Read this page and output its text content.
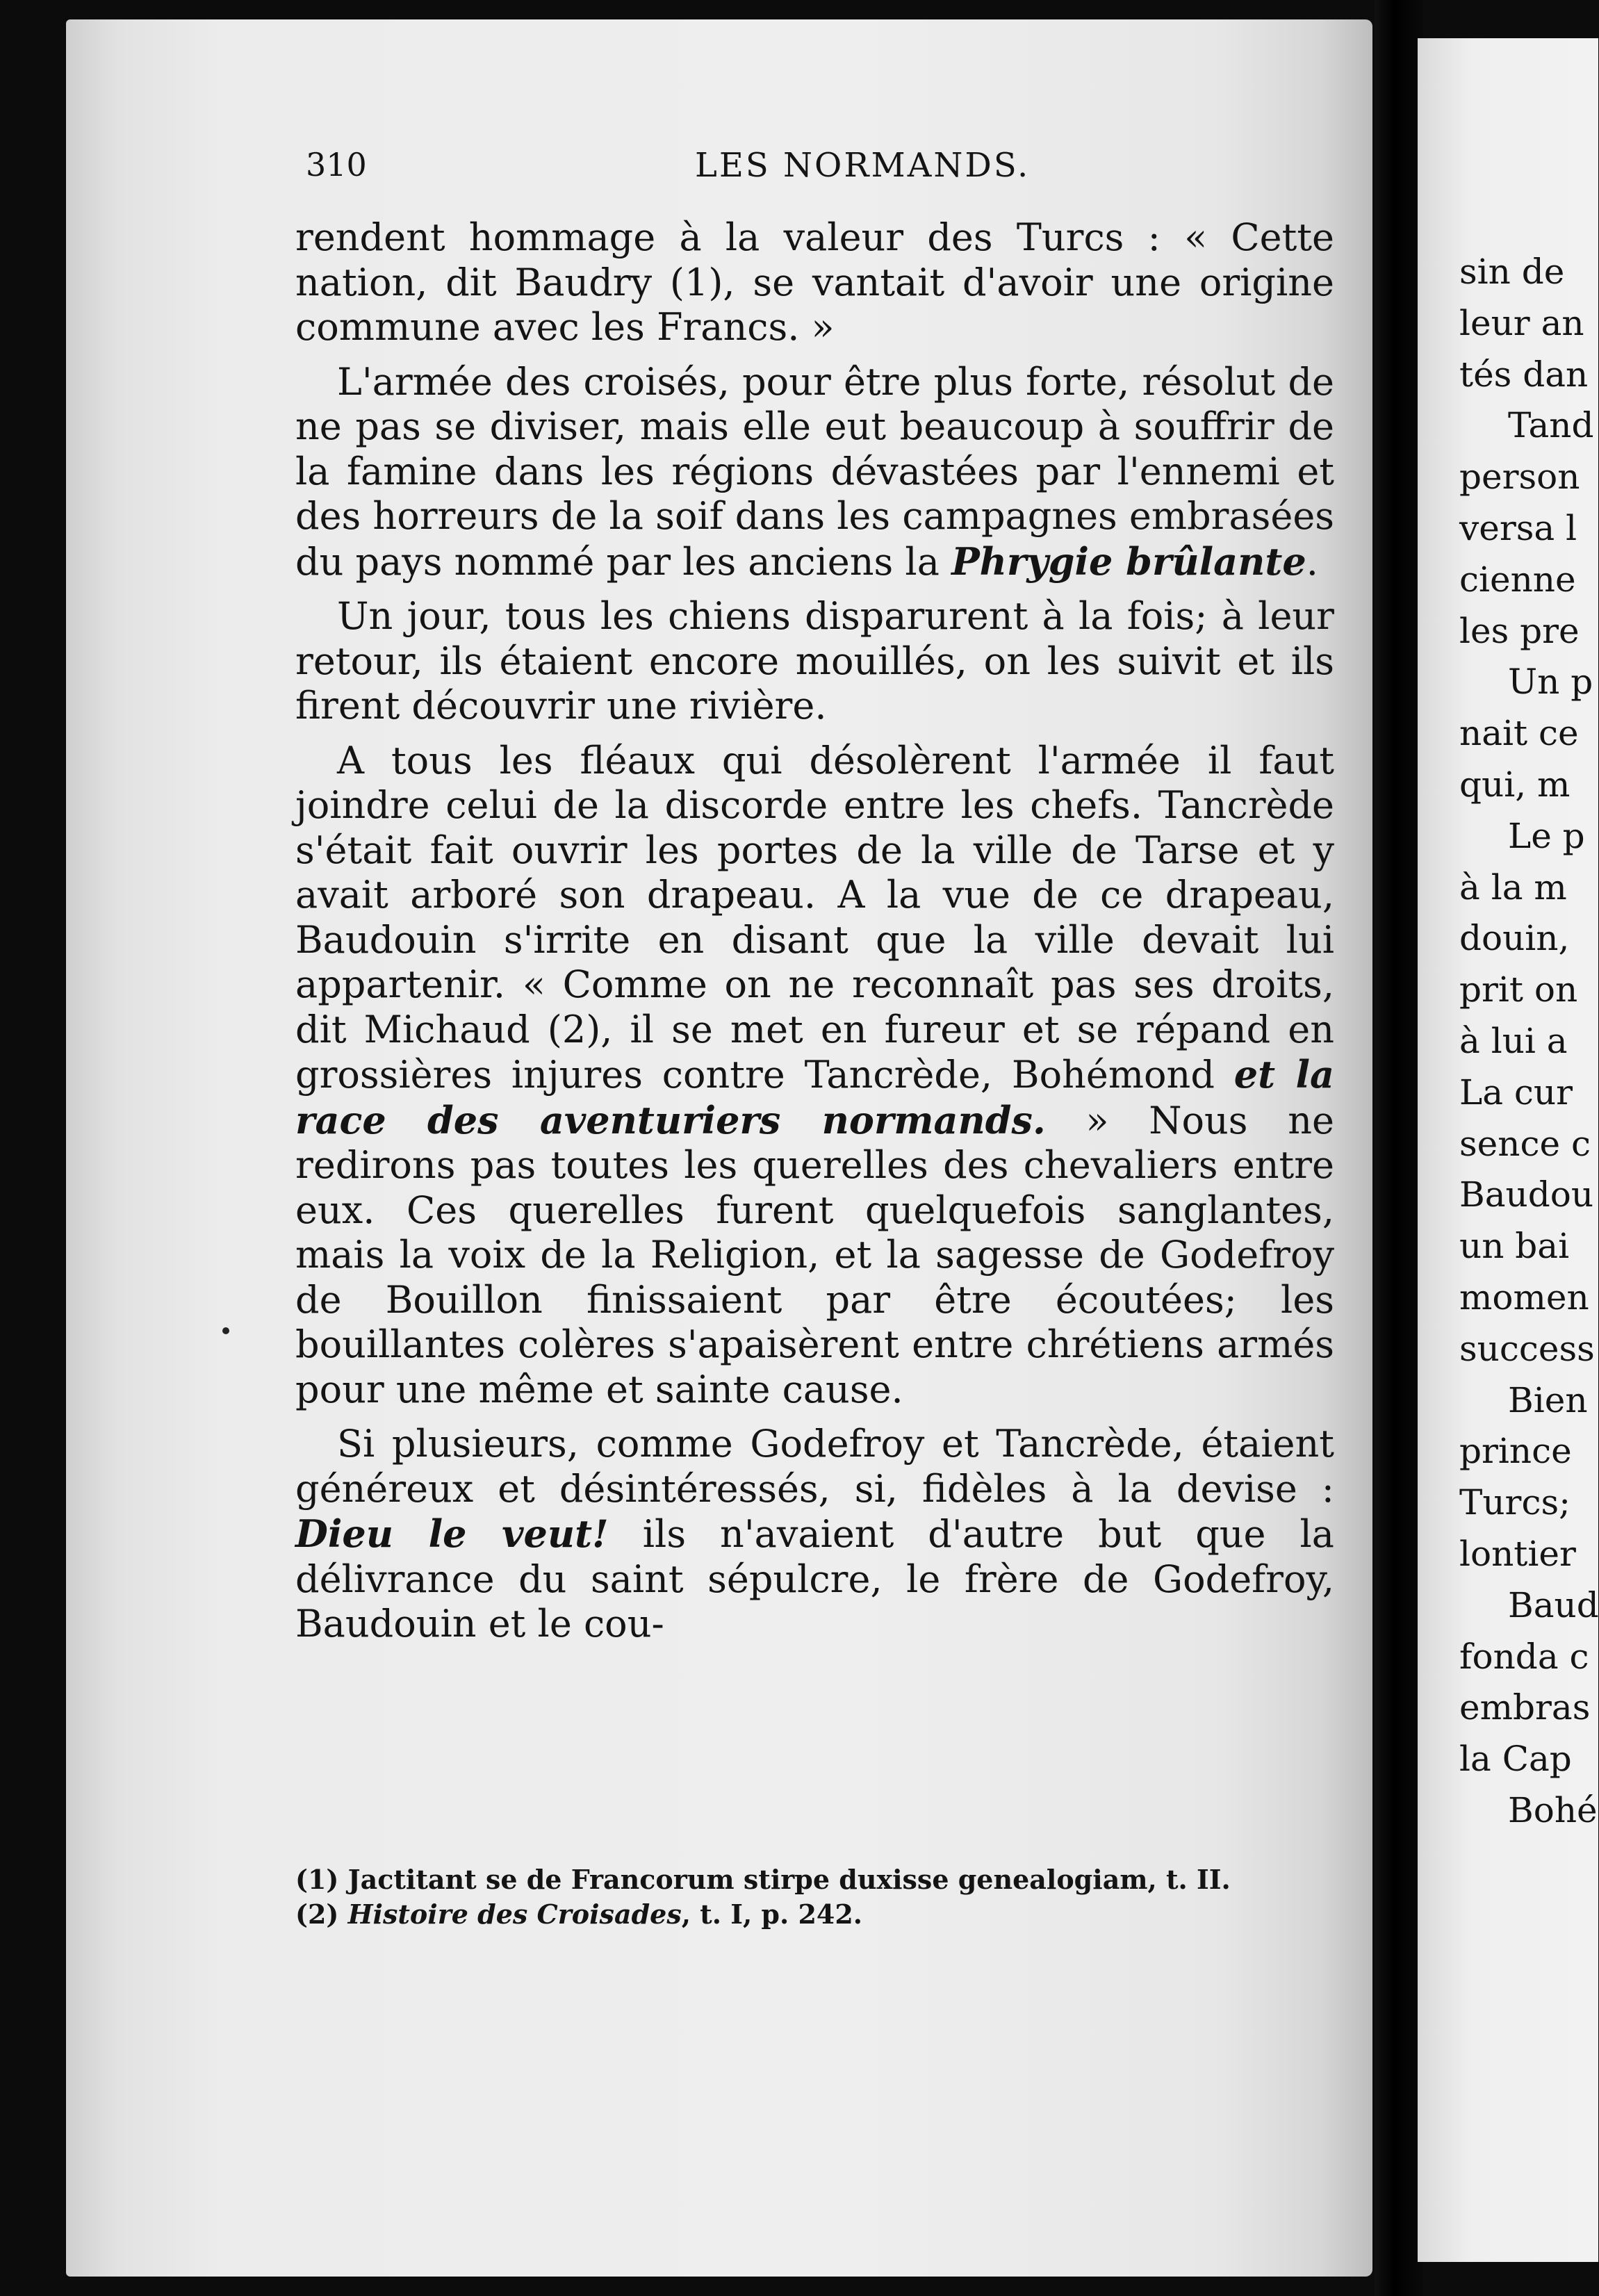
310	LES NORMANDS.

rendent hommage à la valeur des Turcs : « Cette nation, dit Baudry (1), se vantait d'avoir une origine commune avec les Francs. »

L'armée des croisés, pour être plus forte, résolut de ne pas se diviser, mais elle eut beaucoup à souffrir de la famine dans les régions dévastées par l'ennemi et des horreurs de la soif dans les campagnes embrasées du pays nommé par les anciens la Phrygie brûlante.

Un jour, tous les chiens disparurent à la fois; à leur retour, ils étaient encore mouillés, on les suivit et ils firent découvrir une rivière.

A tous les fléaux qui désolèrent l'armée il faut joindre celui de la discorde entre les chefs. Tancrède s'était fait ouvrir les portes de la ville de Tarse et y avait arboré son drapeau. A la vue de ce drapeau, Baudouin s'irrite en disant que la ville devait lui appartenir. « Comme on ne reconnaît pas ses droits, dit Michaud (2), il se met en fureur et se répand en grossières injures contre Tancrède, Bohémond et la race des aventuriers normands. » Nous ne redirons pas toutes les querelles des chevaliers entre eux. Ces querelles furent quelquefois sanglantes, mais la voix de la Religion, et la sagesse de Godefroy de Bouillon finissaient par être écoutées; les bouillantes colères s'apaisèrent entre chrétiens armés pour une même et sainte cause.

Si plusieurs, comme Godefroy et Tancrède, étaient généreux et désintéressés, si, fidèles à la devise : Dieu le veut! ils n'avaient d'autre but que la délivrance du saint sépulcre, le frère de Godefroy, Baudouin et le cou-

(1) Jactitant se de Francorum stirpe duxisse genealogiam, t. II.
(2) Histoire des Croisades, t. I, p. 242.
sin de
leur an
tés dan
Tand
person
versa l
cienne
les pre
Un p
nait ce
qui, m
Le p
à la m
douin,
prit on
à lui a
La cur
sence c
Baudou
un bai
momen
success
Bien
prince
Turcs;
lontier
Baud
fonda c
embras
la Cap
Bohé
